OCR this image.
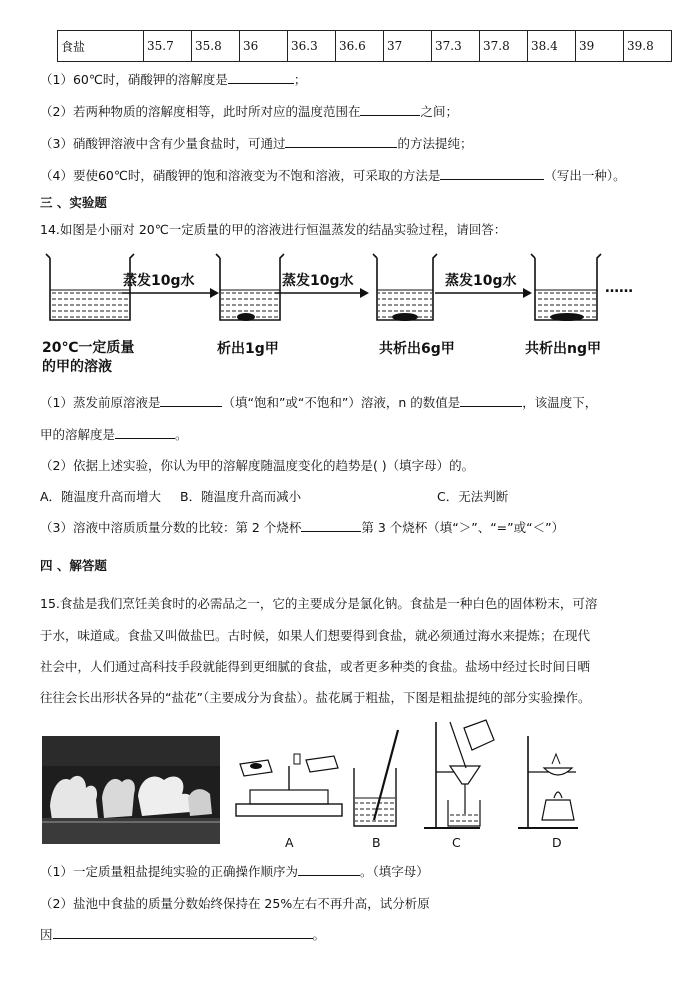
食盐	35.7	35.8	36	36.3	36.6	37	37.3	37.8	38.4	39	39.8
（1）60℃时，硝酸钾的溶解度是	；
（2）若两种物质的溶解度相等，此时所对应的温度范围在	之间；
（3）硝酸钾溶液中含有少量食盐时，可通过	的方法提纯；
（4）要使60℃时，硝酸钾的饱和溶液变为不饱和溶液，可采取的方法是	（写出一种）。
三 、实验题
14.如图是小丽对 20℃一定质量的甲的溶液进行恒温蒸发的结晶实验过程，请回答：
蒸发10g水	蒸发10g水	蒸发10g水	……
20℃一定质量
的甲的溶液
析出1g甲	共析出6g甲	共析出ng甲
（1）蒸发前原溶液是	（填“饱和”或“不饱和”）溶液，n 的数值是	，该温度下，
甲的溶解度是	。
（2）依据上述实验，你认为甲的溶解度随温度变化的趋势是( )（填字母）的。
A．随温度升高而增大 B．随温度升高而减小	C．无法判断
（3）溶液中溶质质量分数的比较：第 2 个烧杯	第 3 个烧杯（填“＞”、“=”或“＜”）
四 、解答题
15.食盐是我们烹饪美食时的必需品之一，它的主要成分是氯化钠。食盐是一种白色的固体粉末，可溶
于水，味道咸。食盐又叫做盐巴。古时候，如果人们想要得到食盐，就必须通过海水来提炼；在现代
社会中，人们通过高科技手段就能得到更细腻的食盐，或者更多种类的食盐。盐场中经过长时间日晒
往往会长出形状各异的“盐花”（主要成分为食盐）。盐花属于粗盐，下图是粗盐提纯的部分实验操作。
A	B	C	D
（1）一定质量粗盐提纯实验的正确操作顺序为	。（填字母）
（2）盐池中食盐的质量分数始终保持在 25%左右不再升高，试分析原
因	。
